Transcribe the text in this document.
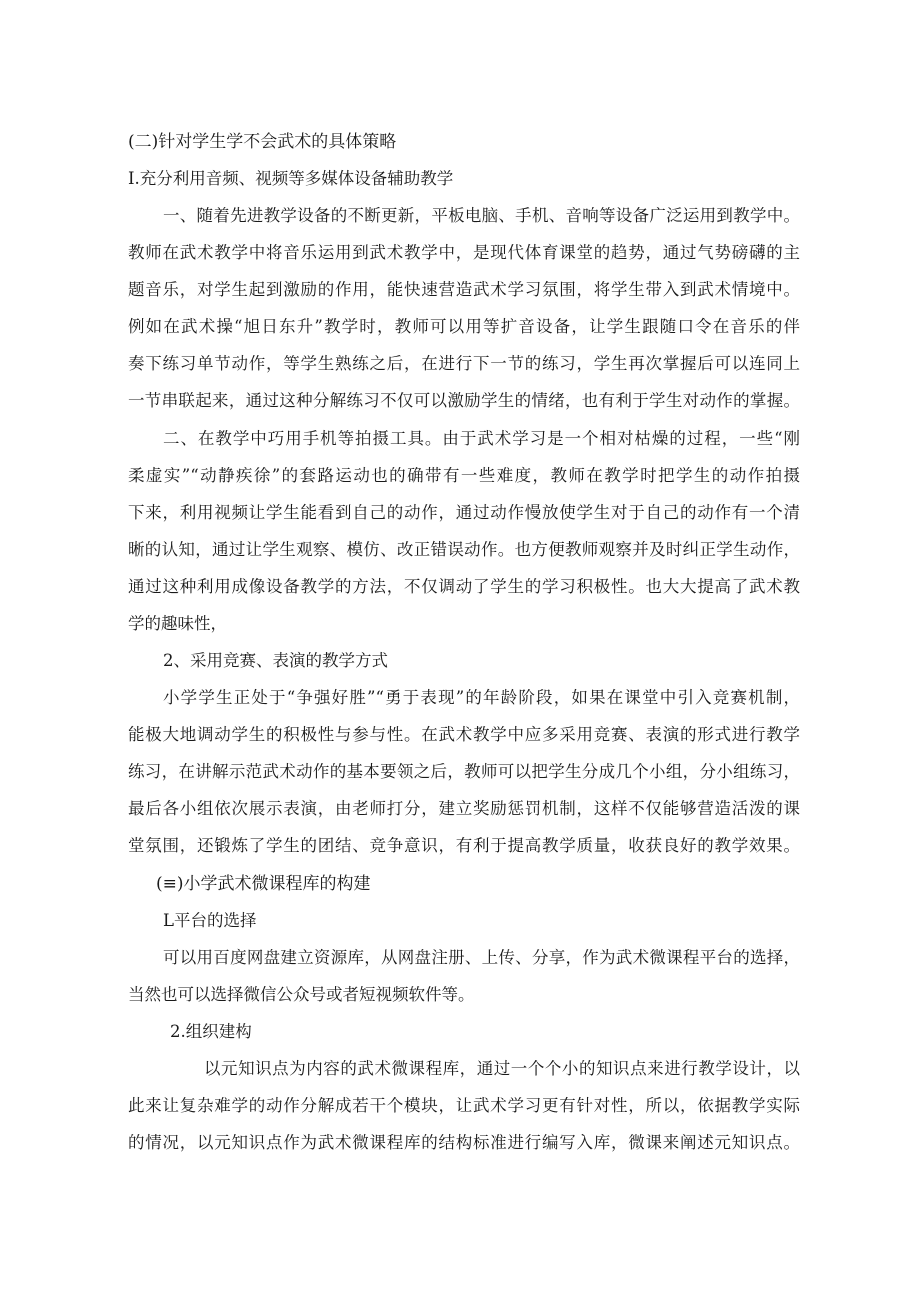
(二)针对学生学不会武术的具体策略
I.充分利用音频、视频等多媒体设备辅助教学
一、随着先进教学设备的不断更新，平板电脑、手机、音响等设备广泛运用到教学中。
教师在武术教学中将音乐运用到武术教学中，是现代体育课堂的趋势，通过气势磅礴的主
题音乐，对学生起到激励的作用，能快速营造武术学习氛围，将学生带入到武术情境中。
例如在武术操“旭日东升”教学时，教师可以用等扩音设备，让学生跟随口令在音乐的伴
奏下练习单节动作，等学生熟练之后，在进行下一节的练习，学生再次掌握后可以连同上
一节串联起来，通过这种分解练习不仅可以激励学生的情绪，也有利于学生对动作的掌握。
二、在教学中巧用手机等拍摄工具。由于武术学习是一个相对枯燥的过程，一些“刚
柔虚实”“动静疾徐”的套路运动也的确带有一些难度，教师在教学时把学生的动作拍摄
下来，利用视频让学生能看到自己的动作，通过动作慢放使学生对于自己的动作有一个清
晰的认知，通过让学生观察、模仿、改正错误动作。也方便教师观察并及时纠正学生动作，
通过这种利用成像设备教学的方法，不仅调动了学生的学习积极性。也大大提高了武术教
学的趣味性，
2、采用竞赛、表演的教学方式
小学学生正处于“争强好胜”“勇于表现”的年龄阶段，如果在课堂中引入竞赛机制，
能极大地调动学生的积极性与参与性。在武术教学中应多采用竞赛、表演的形式进行教学
练习，在讲解示范武术动作的基本要领之后，教师可以把学生分成几个小组，分小组练习，
最后各小组依次展示表演，由老师打分，建立奖励惩罚机制，这样不仅能够营造活泼的课
堂氛围，还锻炼了学生的团结、竞争意识，有利于提高教学质量，收获良好的教学效果。
(≡)小学武术微课程库的构建
L平台的选择
可以用百度网盘建立资源库，从网盘注册、上传、分享，作为武术微课程平台的选择，
当然也可以选择微信公众号或者短视频软件等。
2.组织建构
以元知识点为内容的武术微课程库，通过一个个小的知识点来进行教学设计，以
此来让复杂难学的动作分解成若干个模块，让武术学习更有针对性，所以，依据教学实际
的情况，以元知识点作为武术微课程库的结构标准进行编写入库，微课来阐述元知识点。
